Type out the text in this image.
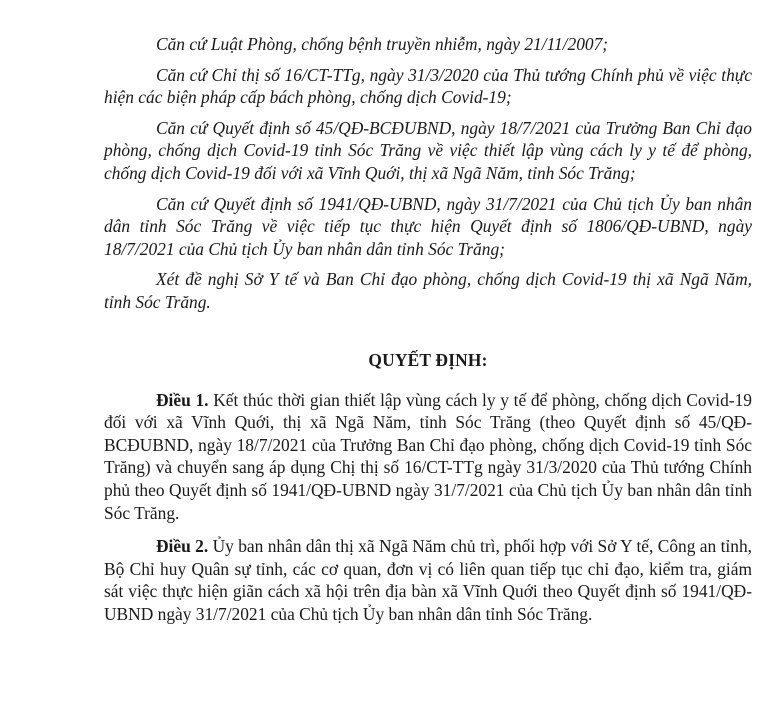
Căn cứ Luật Phòng, chống bệnh truyền nhiễm, ngày 21/11/2007;

Căn cứ Chỉ thị số 16/CT-TTg, ngày 31/3/2020 của Thủ tướng Chính phủ về việc thực hiện các biện pháp cấp bách phòng, chống dịch Covid-19;

Căn cứ Quyết định số 45/QĐ-BCĐUBND, ngày 18/7/2021 của Trưởng Ban Chỉ đạo phòng, chống dịch Covid-19 tỉnh Sóc Trăng về việc thiết lập vùng cách ly y tế để phòng, chống dịch Covid-19 đối với xã Vĩnh Quới, thị xã Ngã Năm, tỉnh Sóc Trăng;

Căn cứ Quyết định số 1941/QĐ-UBND, ngày 31/7/2021 của Chủ tịch Ủy ban nhân dân tỉnh Sóc Trăng về việc tiếp tục thực hiện Quyết định số 1806/QĐ-UBND, ngày 18/7/2021 của Chủ tịch Ủy ban nhân dân tỉnh Sóc Trăng;

Xét đề nghị Sở Y tế và Ban Chỉ đạo phòng, chống dịch Covid-19 thị xã Ngã Năm, tỉnh Sóc Trăng.

QUYẾT ĐỊNH:

Điều 1. Kết thúc thời gian thiết lập vùng cách ly y tế để phòng, chống dịch Covid-19 đối với xã Vĩnh Quới, thị xã Ngã Năm, tỉnh Sóc Trăng (theo Quyết định số 45/QĐ-BCĐUBND, ngày 18/7/2021 của Trưởng Ban Chỉ đạo phòng, chống dịch Covid-19 tỉnh Sóc Trăng) và chuyển sang áp dụng Chị thị số 16/CT-TTg ngày 31/3/2020 của Thủ tướng Chính phủ theo Quyết định số 1941/QĐ-UBND ngày 31/7/2021 của Chủ tịch Ủy ban nhân dân tỉnh Sóc Trăng.

Điều 2. Ủy ban nhân dân thị xã Ngã Năm chủ trì, phối hợp với Sở Y tế, Công an tỉnh, Bộ Chỉ huy Quân sự tỉnh, các cơ quan, đơn vị có liên quan tiếp tục chỉ đạo, kiểm tra, giám sát việc thực hiện giãn cách xã hội trên địa bàn xã Vĩnh Quới theo Quyết định số 1941/QĐ-UBND ngày 31/7/2021 của Chủ tịch Ủy ban nhân dân tỉnh Sóc Trăng.
